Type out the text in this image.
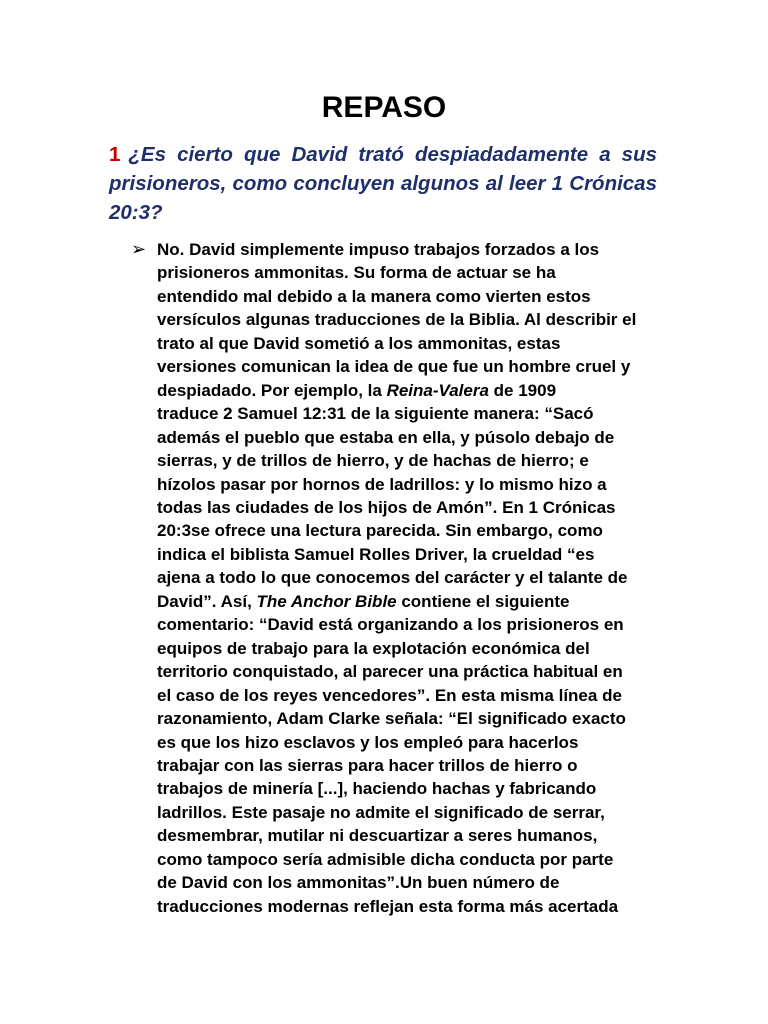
REPASO
1 ¿Es cierto que David trató despiadadamente a sus prisioneros, como concluyen algunos al leer 1 Crónicas 20:3?
➢ No. David simplemente impuso trabajos forzados a los
prisioneros ammonitas. Su forma de actuar se ha
entendido mal debido a la manera como vierten estos
versículos algunas traducciones de la Biblia. Al describir el
trato al que David sometió a los ammonitas, estas
versiones comunican la idea de que fue un hombre cruel y
despiadado. Por ejemplo, la Reina-Valera de 1909
traduce 2 Samuel 12:31 de la siguiente manera: “Sacó
además el pueblo que estaba en ella, y púsolo debajo de
sierras, y de trillos de hierro, y de hachas de hierro; e
hízolos pasar por hornos de ladrillos: y lo mismo hizo a
todas las ciudades de los hijos de Amón”. En 1 Crónicas
20:3se ofrece una lectura parecida. Sin embargo, como
indica el biblista Samuel Rolles Driver, la crueldad “es
ajena a todo lo que conocemos del carácter y el talante de
David”. Así, The Anchor Bible contiene el siguiente
comentario: “David está organizando a los prisioneros en
equipos de trabajo para la explotación económica del
territorio conquistado, al parecer una práctica habitual en
el caso de los reyes vencedores”. En esta misma línea de
razonamiento, Adam Clarke señala: “El significado exacto
es que los hizo esclavos y los empleó para hacerlos
trabajar con las sierras para hacer trillos de hierro o
trabajos de minería [...], haciendo hachas y fabricando
ladrillos. Este pasaje no admite el significado de serrar,
desmembrar, mutilar ni descuartizar a seres humanos,
como tampoco sería admisible dicha conducta por parte
de David con los ammonitas”.Un buen número de
traducciones modernas reflejan esta forma más acertada
